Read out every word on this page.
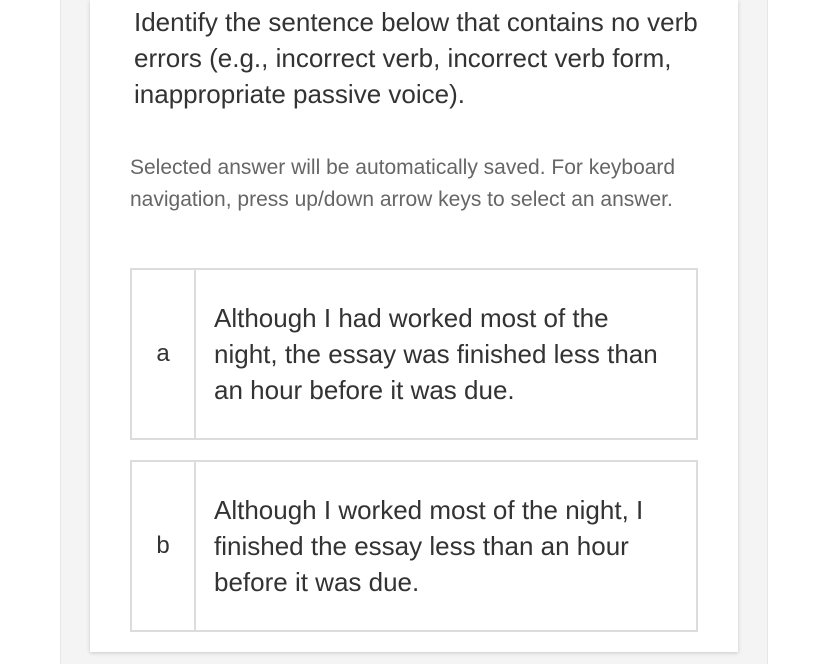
Identify the sentence below that contains no verb errors (e.g., incorrect verb, incorrect verb form, inappropriate passive voice).

Selected answer will be automatically saved. For keyboard navigation, press up/down arrow keys to select an answer.

a
Although I had worked most of the night, the essay was finished less than an hour before it was due.
b
Although I worked most of the night, I finished the essay less than an hour before it was due.
